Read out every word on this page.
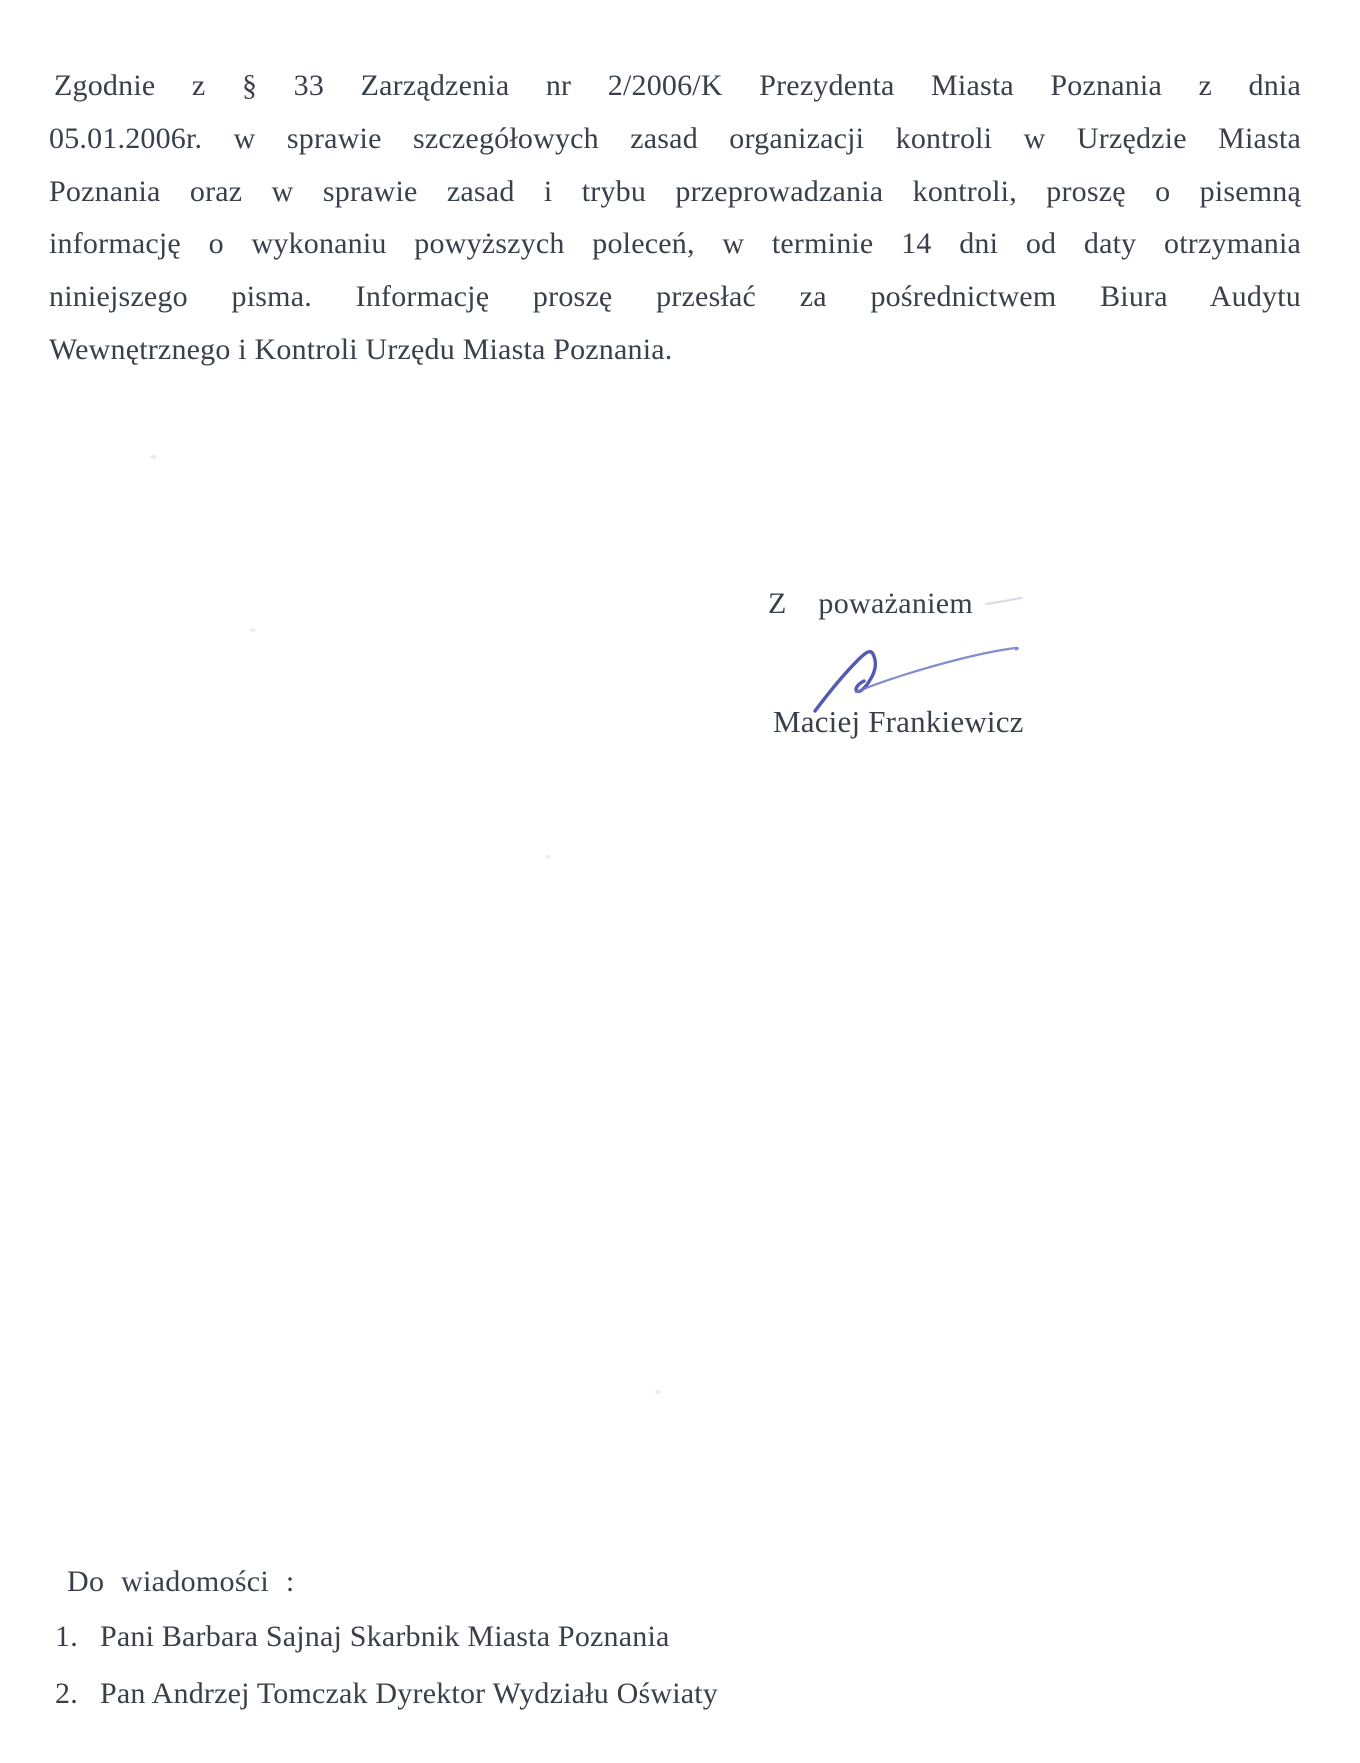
Zgodnie z § 33 Zarządzenia nr 2/2006/K Prezydenta Miasta Poznania z dnia
05.01.2006r. w sprawie szczegółowych zasad organizacji kontroli w Urzędzie Miasta
Poznania oraz w sprawie zasad i trybu przeprowadzania kontroli, proszę o pisemną
informację o wykonaniu powyższych poleceń, w terminie 14 dni od daty otrzymania
niniejszego pisma. Informację proszę przesłać za pośrednictwem Biura Audytu
Wewnętrznego i Kontroli Urzędu Miasta Poznania.
Z poważaniem
Maciej Frankiewicz
Do wiadomości :
1. Pani Barbara Sajnaj Skarbnik Miasta Poznania
2. Pan Andrzej Tomczak Dyrektor Wydziału Oświaty
